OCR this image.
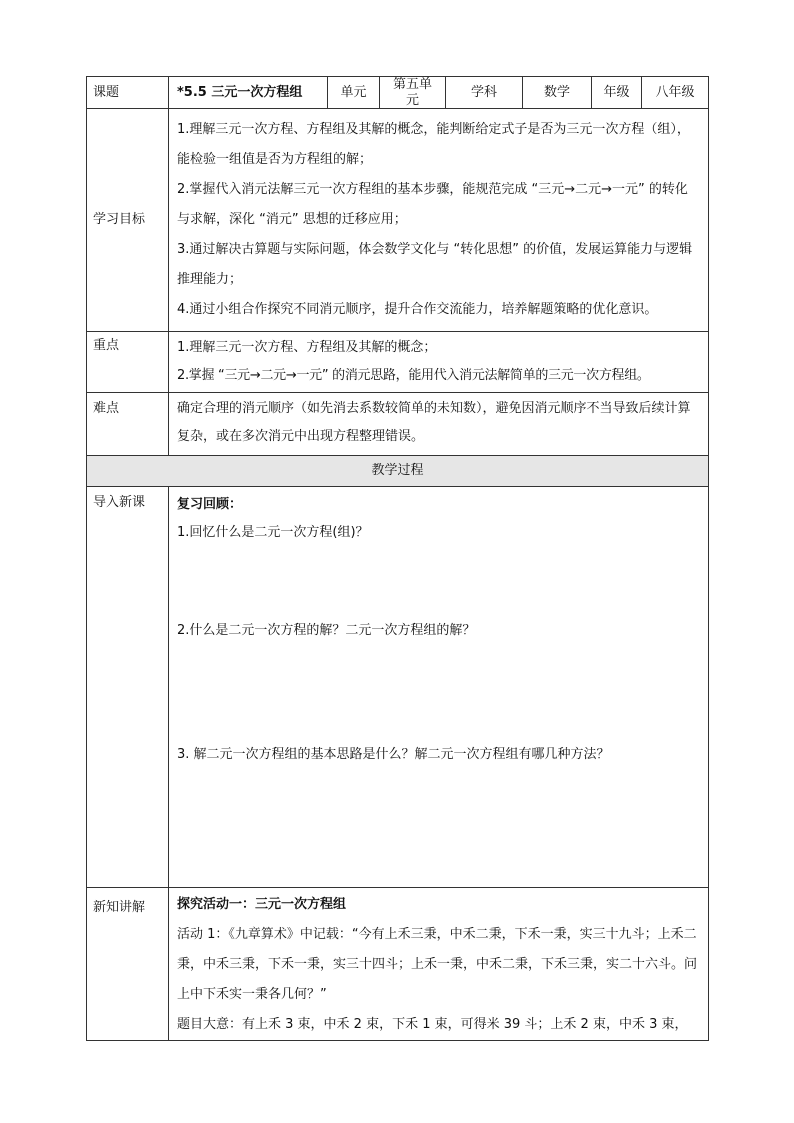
课题	*5.5 三元一次方程组	单元	第五单元	学科	数学	年级	八年级
学习目标	1.理解三元一次方程、方程组及其解的概念，能判断给定式子是否为三元一次方程（组），能检验一组值是否为方程组的解；

2.掌握代入消元法解三元一次方程组的基本步骤，能规范完成 “三元→二元→一元” 的转化与求解，深化 “消元” 思想的迁移应用；

3.通过解决古算题与实际问题，体会数学文化与 “转化思想” 的价值，发展运算能力与逻辑推理能力；

4.通过小组合作探究不同消元顺序，提升合作交流能力，培养解题策略的优化意识。						

重点	1.理解三元一次方程、方程组及其解的概念；

2.掌握 “三元→二元→一元” 的消元思路，能用代入消元法解简单的三元一次方程组。						

难点	确定合理的消元顺序（如先消去系数较简单的未知数），避免因消元顺序不当导致后续计算复杂，或在多次消元中出现方程整理错误。						

教学过程							
导入新课	复习回顾：

1.回忆什么是二元一次方程(组)？

2.什么是二元一次方程的解？二元一次方程组的解？

3. 解二元一次方程组的基本思路是什么？解二元一次方程组有哪几种方法？						

新知讲解	探究活动一：三元一次方程组

活动 1：《九章算术》中记载：“今有上禾三秉，中禾二秉，下禾一秉，实三十九斗；上禾二秉，中禾三秉，下禾一秉，实三十四斗；上禾一秉，中禾二秉，下禾三秉，实二十六斗。问上中下禾实一秉各几何？”

题目大意：有上禾 3 束，中禾 2 束，下禾 1 束，可得米 39 斗；上禾 2 束，中禾 3 束，						
